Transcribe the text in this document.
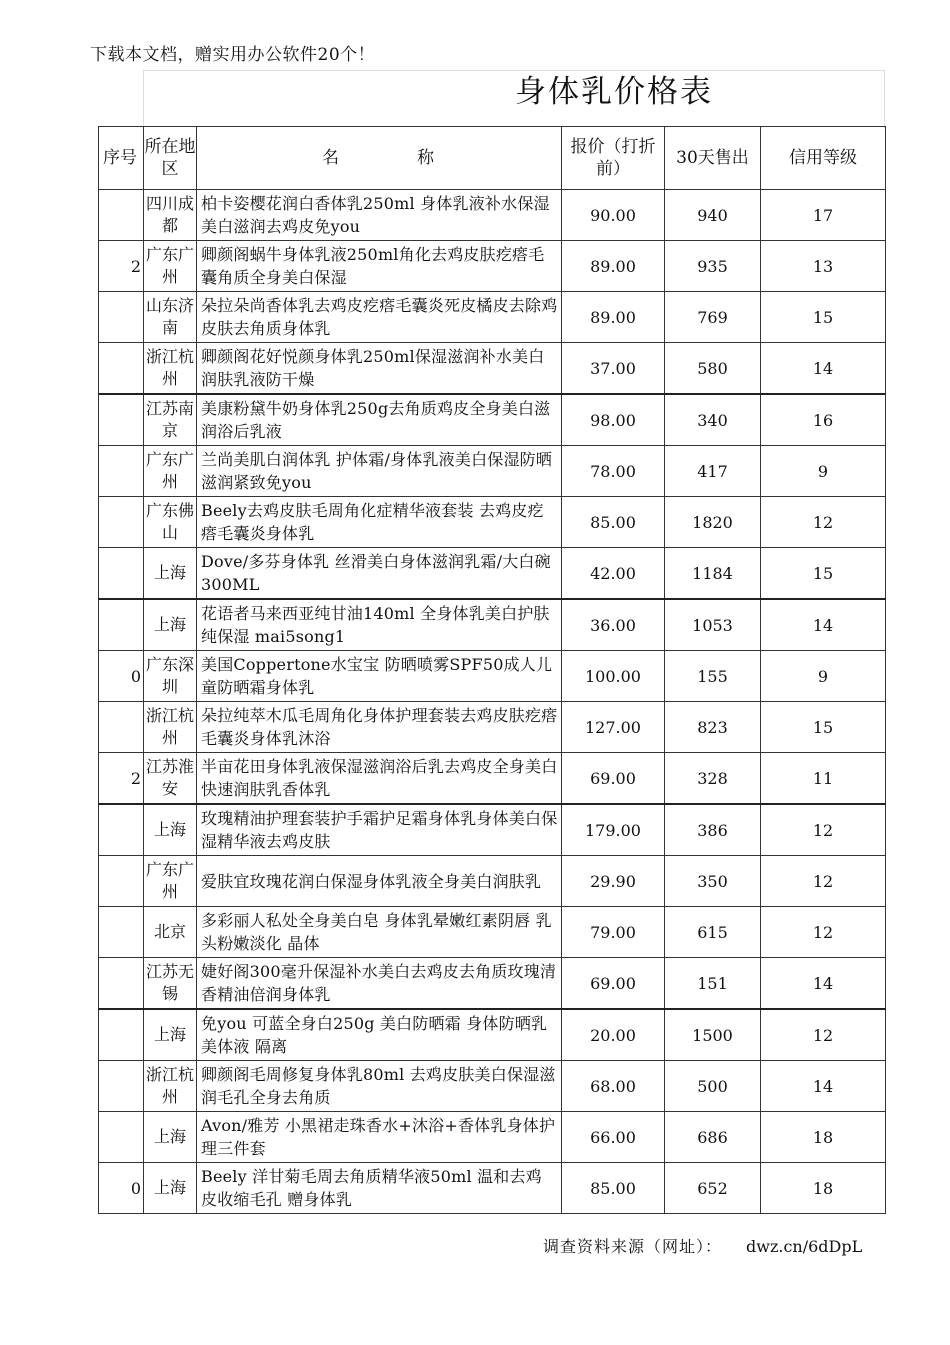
下载本文档，赠实用办公软件20个！
身体乳价格表
序号	所在地区	名　　　　称	报价（打折前）	30天售出	信用等级
	四川成都	柏卡姿樱花润白香体乳250ml 身体乳液补水保湿美白滋润去鸡皮免you	90.00	940	17
2	广东广州	卿颜阁蜗牛身体乳液250ml角化去鸡皮肤疙瘩毛囊角质全身美白保湿	89.00	935	13
	山东济南	朵拉朵尚香体乳去鸡皮疙瘩毛囊炎死皮橘皮去除鸡皮肤去角质身体乳	89.00	769	15
	浙江杭州	卿颜阁花好悦颜身体乳250ml保湿滋润补水美白润肤乳液防干燥	37.00	580	14
	江苏南京	美康粉黛牛奶身体乳250g去角质鸡皮全身美白滋润浴后乳液	98.00	340	16
	广东广州	兰尚美肌白润体乳 护体霜/身体乳液美白保湿防晒滋润紧致免you	78.00	417	9
	广东佛山	Beely去鸡皮肤毛周角化症精华液套装 去鸡皮疙瘩毛囊炎身体乳	85.00	1820	12
	上海	Dove/多芬身体乳 丝滑美白身体滋润乳霜/大白碗 300ML	42.00	1184	15
	上海	花语者马来西亚纯甘油140ml 全身体乳美白护肤纯保湿 mai5song1	36.00	1053	14
0	广东深圳	美国Coppertone水宝宝 防晒喷雾SPF50成人儿童防晒霜身体乳	100.00	155	9
	浙江杭州	朵拉纯萃木瓜毛周角化身体护理套装去鸡皮肤疙瘩毛囊炎身体乳沐浴	127.00	823	15
2	江苏淮安	半亩花田身体乳液保湿滋润浴后乳去鸡皮全身美白快速润肤乳香体乳	69.00	328	11
	上海	玫瑰精油护理套装护手霜护足霜身体乳身体美白保湿精华液去鸡皮肤	179.00	386	12
	广东广州	爱肤宜玫瑰花润白保湿身体乳液全身美白润肤乳	29.90	350	12
	北京	多彩丽人私处全身美白皂 身体乳晕嫩红素阴唇 乳头粉嫩淡化 晶体	79.00	615	12
	江苏无锡	婕好阁300毫升保湿补水美白去鸡皮去角质玫瑰清香精油倍润身体乳	69.00	151	14
	上海	免you 可蓝全身白250g 美白防晒霜 身体防晒乳 美体液 隔离	20.00	1500	12
	浙江杭州	卿颜阁毛周修复身体乳80ml 去鸡皮肤美白保湿滋润毛孔全身去角质	68.00	500	14
	上海	Avon/雅芳 小黑裙走珠香水+沐浴+香体乳身体护理三件套	66.00	686	18
0	上海	Beely 洋甘菊毛周去角质精华液50ml 温和去鸡皮收缩毛孔 赠身体乳	85.00	652	18
调查资料来源（网址）： dwz.cn/6dDpL
